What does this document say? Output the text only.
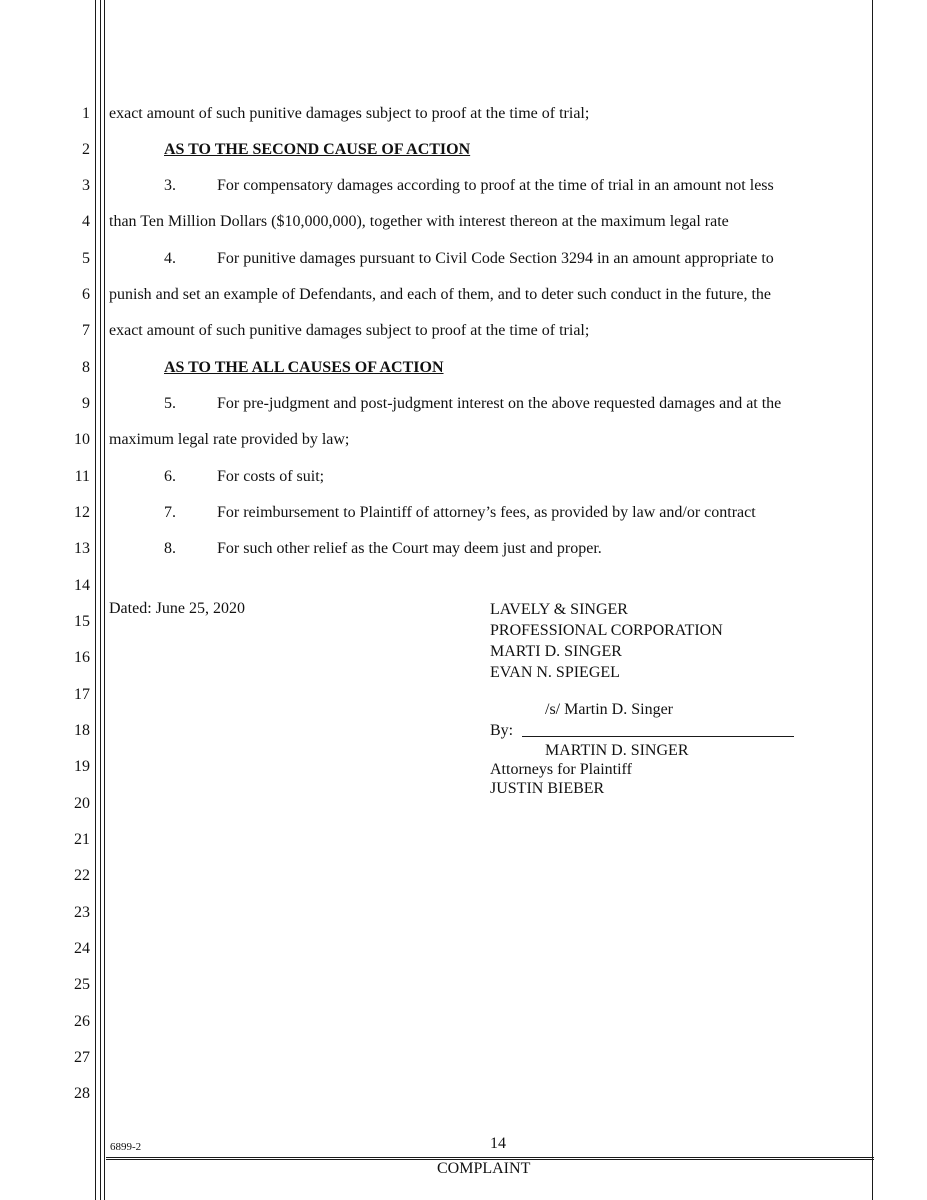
1
2
3
4
5
6
7
8
9
10
11
12
13
14
15
16
17
18
19
20
21
22
23
24
25
26
27
28
exact amount of such punitive damages subject to proof at the time of trial;
AS TO THE SECOND CAUSE OF ACTION
3.	For compensatory damages according to proof at the time of trial in an amount not less
than Ten Million Dollars ($10,000,000), together with interest thereon at the maximum legal rate
4.	For punitive damages pursuant to Civil Code Section 3294 in an amount appropriate to
punish and set an example of Defendants, and each of them, and to deter such conduct in the future, the
exact amount of such punitive damages subject to proof at the time of trial;
AS TO THE ALL CAUSES OF ACTION
5.	For pre-judgment and post-judgment interest on the above requested damages and at the
maximum legal rate provided by law;
6.	For costs of suit;
7.	For reimbursement to Plaintiff of attorney’s fees, as provided by law and/or contract
8.	For such other relief as the Court may deem just and proper.
Dated: June 25, 2020	LAVELY & SINGER
PROFESSIONAL CORPORATION
MARTI D. SINGER
EVAN N. SPIEGEL
/s/ Martin D. Singer
By:
MARTIN D. SINGER
Attorneys for Plaintiff
JUSTIN BIEBER
6899-2	14
COMPLAINT
